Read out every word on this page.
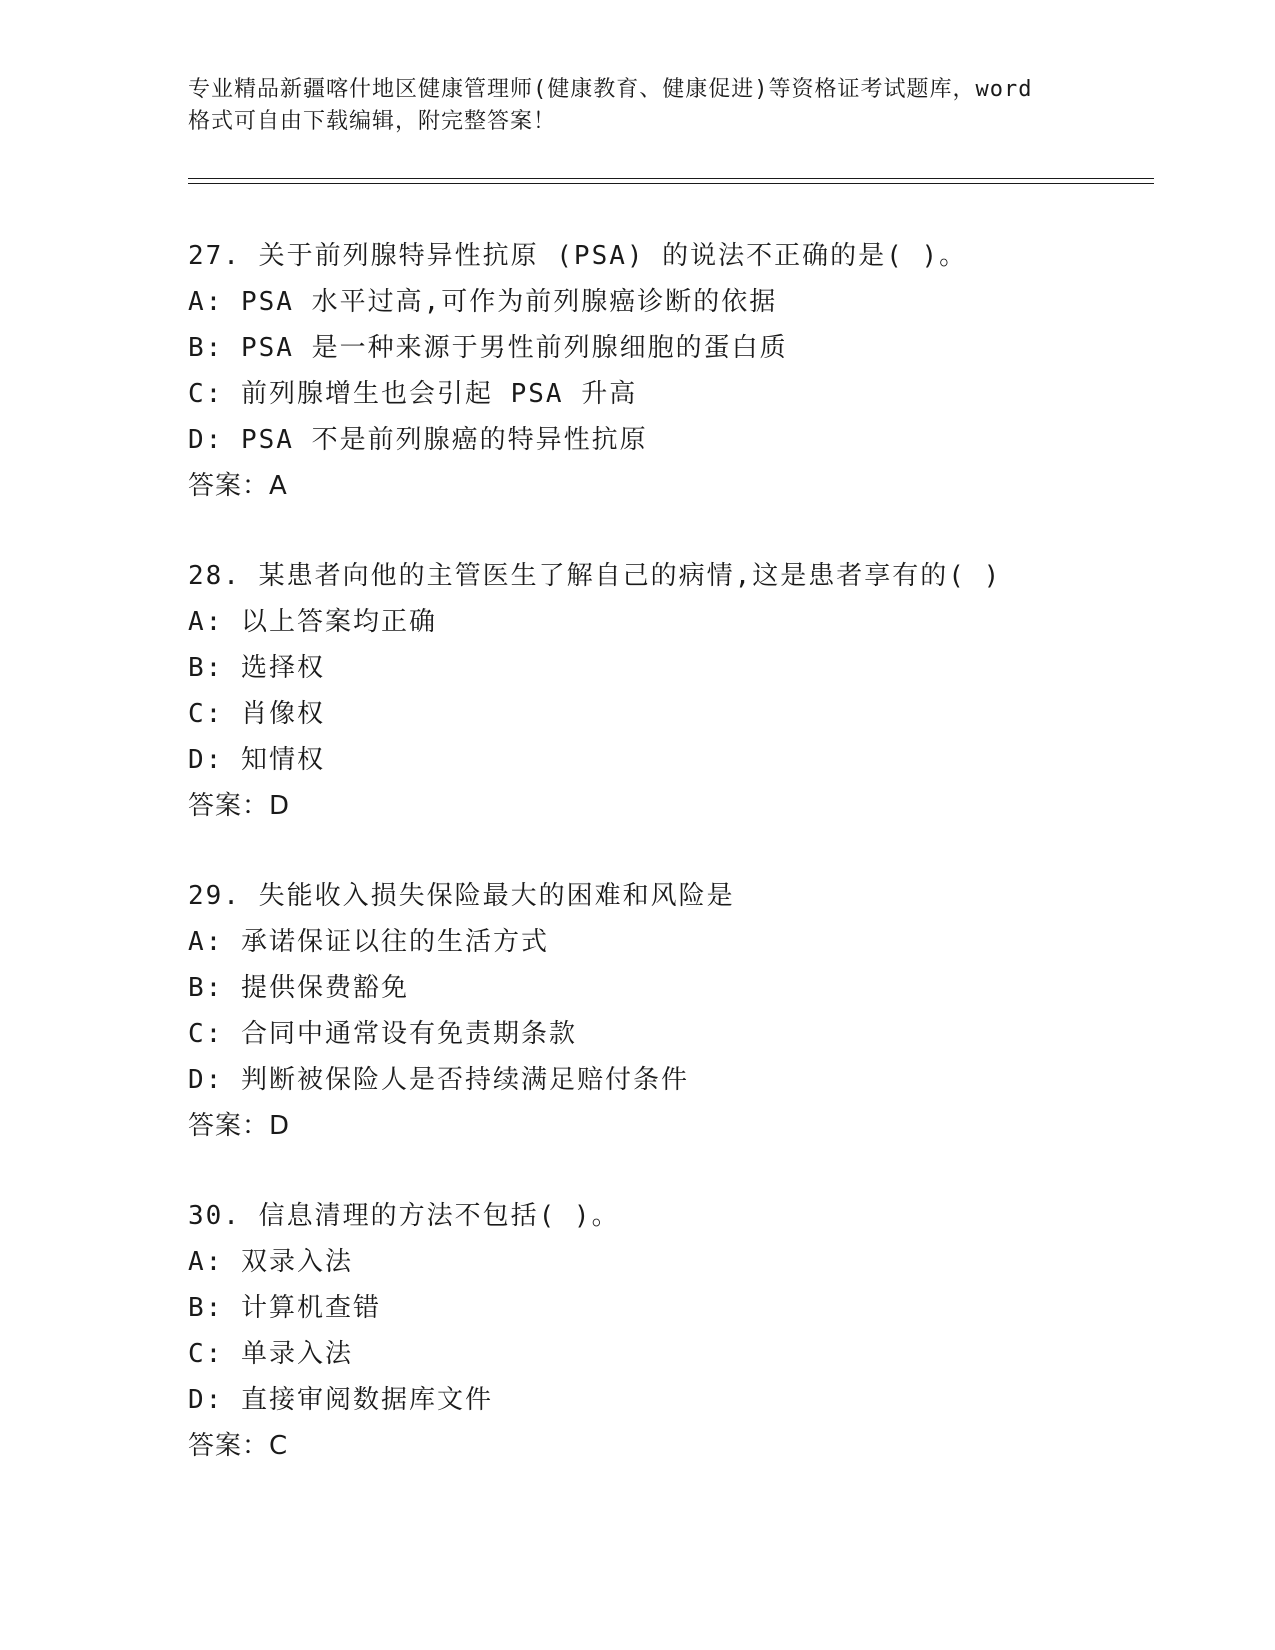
专业精品新疆喀什地区健康管理师(健康教育、健康促进)等资格证考试题库，word
格式可自由下载编辑，附完整答案！
27. 关于前列腺特异性抗原 (PSA) 的说法不正确的是( )。
A: PSA 水平过高,可作为前列腺癌诊断的依据
B: PSA 是一种来源于男性前列腺细胞的蛋白质
C: 前列腺增生也会引起 PSA 升高
D: PSA 不是前列腺癌的特异性抗原
答案：A
28. 某患者向他的主管医生了解自己的病情,这是患者享有的( )
A: 以上答案均正确
B: 选择权
C: 肖像权
D: 知情权
答案：D
29. 失能收入损失保险最大的困难和风险是
A: 承诺保证以往的生活方式
B: 提供保费豁免
C: 合同中通常设有免责期条款
D: 判断被保险人是否持续满足赔付条件
答案：D
30. 信息清理的方法不包括( )。
A: 双录入法
B: 计算机查错
C: 单录入法
D: 直接审阅数据库文件
答案：C
